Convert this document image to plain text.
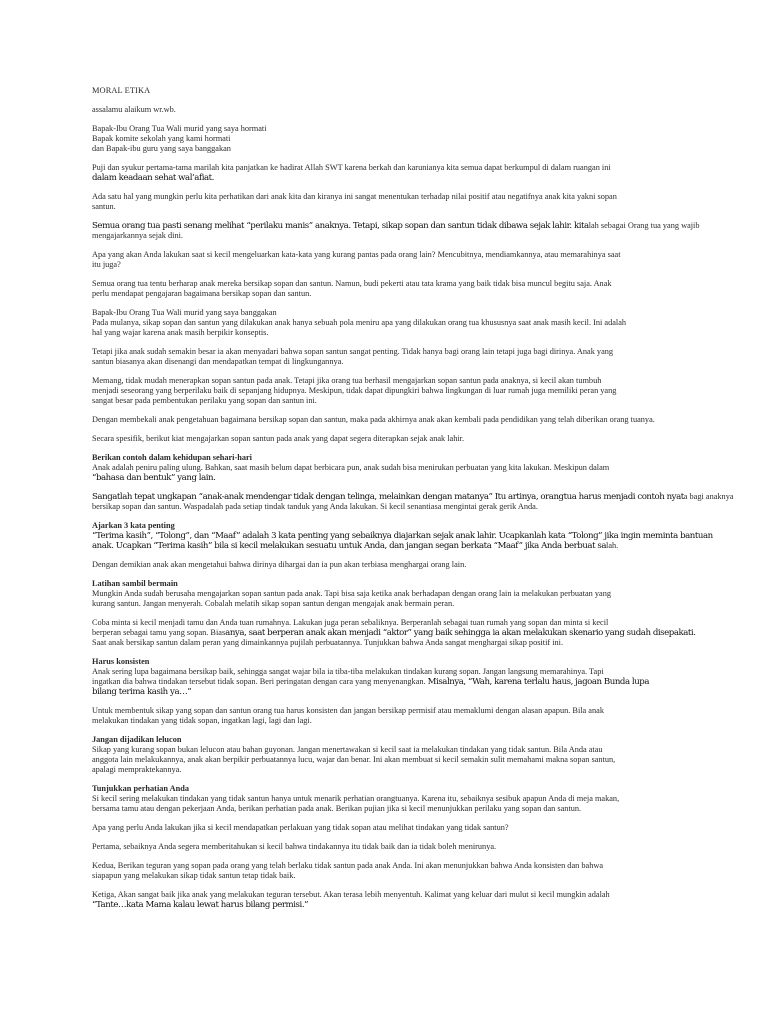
MORAL ETIKA
assalamu alaikum wr.wb.
Bapak-Ibu Orang Tua Wali murid yang saya hormati
Bapak komite sekolah yang kami hormati
dan Bapak-ibu guru yang saya banggakan
Puji dan syukur pertama-tama marilah kita panjatkan ke hadirat Allah SWT karena berkah dan karunianya kita semua dapat berkumpul di dalam ruangan ini
dalam keadaan sehat wal’afiat.
Ada satu hal yang mungkin perlu kita perhatikan dari anak kita dan kiranya ini sangat menentukan terhadap nilai positif atau negatifnya anak kita yakni sopan
santun.
Semua orang tua pasti senang melihat “perilaku manis” anaknya. Tetapi, sikap sopan dan santun tidak dibawa sejak lahir. kitalah sebagai Orang tua yang wajib
mengajarkannya sejak dini.
Apa yang akan Anda lakukan saat si kecil mengeluarkan kata-kata yang kurang pantas pada orang lain? Mencubitnya, mendiamkannya, atau memarahinya saat
itu juga?
Semua orang tua tentu berharap anak mereka bersikap sopan dan santun. Namun, budi pekerti atau tata krama yang baik tidak bisa muncul begitu saja. Anak
perlu mendapat pengajaran bagaimana bersikap sopan dan santun.
Bapak-Ibu Orang Tua Wali murid yang saya banggakan
Pada mulanya, sikap sopan dan santun yang dilakukan anak hanya sebuah pola meniru apa yang dilakukan orang tua khususnya saat anak masih kecil. Ini adalah
hal yang wajar karena anak masih berpikir konseptis.
Tetapi jika anak sudah semakin besar ia akan menyadari bahwa sopan santun sangat penting. Tidak hanya bagi orang lain tetapi juga bagi dirinya. Anak yang
santun biasanya akan disenangi dan mendapatkan tempat di lingkungannya.
Memang, tidak mudah menerapkan sopan santun pada anak. Tetapi jika orang tua berhasil mengajarkan sopan santun pada anaknya, si kecil akan tumbuh
menjadi seseorang yang berperilaku baik di sepanjang hidupnya. Meskipun, tidak dapat dipungkiri bahwa lingkungan di luar rumah juga memiliki peran yang
sangat besar pada pembentukan perilaku yang sopan dan santun ini.
Dengan membekali anak pengetahuan bagaimana bersikap sopan dan santun, maka pada akhirnya anak akan kembali pada pendidikan yang telah diberikan orang tuanya.
Secara spesifik, berikut kiat mengajarkan sopan santun pada anak yang dapat segera diterapkan sejak anak lahir.
Berikan contoh dalam kehidupan sehari-hari
Anak adalah peniru paling ulung. Bahkan, saat masih belum dapat berbicara pun, anak sudah bisa menirukan perbuatan yang kita lakukan. Meskipun dalam
“bahasa dan bentuk” yang lain.
Sangatlah tepat ungkapan “anak-anak mendengar tidak dengan telinga, melainkan dengan matanya” Itu artinya, orangtua harus menjadi contoh nyata bagi anaknya
bersikap sopan dan santun. Waspadalah pada setiap tindak tanduk yang Anda lakukan. Si kecil senantiasa mengintai gerak gerik Anda.
Ajarkan 3 kata penting
“Terima kasih”, “Tolong”, dan “Maaf” adalah 3 kata penting yang sebaiknya diajarkan sejak anak lahir. Ucapkanlah kata “Tolong” jika ingin meminta bantuan
anak. Ucapkan “Terima kasih” bila si kecil melakukan sesuatu untuk Anda, dan jangan segan berkata “Maaf” jika Anda berbuat salah.
Dengan demikian anak akan mengetahui bahwa dirinya dihargai dan ia pun akan terbiasa menghargai orang lain.
Latihan sambil bermain
Mungkin Anda sudah berusaha mengajarkan sopan santun pada anak. Tapi bisa saja ketika anak berhadapan dengan orang lain ia melakukan perbuatan yang
kurang santun. Jangan menyerah. Cobalah melatih sikap sopan santun dengan mengajak anak bermain peran.
Coba minta si kecil menjadi tamu dan Anda tuan rumahnya. Lakukan juga peran sebaliknya. Berperanlah sebagai tuan rumah yang sopan dan minta si kecil
berperan sebagai tamu yang sopan. Biasanya, saat berperan anak akan menjadi “aktor” yang baik sehingga ia akan melakukan skenario yang sudah disepakati.
Saat anak bersikap santun dalam peran yang dimainkannya pujilah perbuatannya. Tunjukkan bahwa Anda sangat menghargai sikap positif ini.
Harus konsisten
Anak sering lupa bagaimana bersikap baik, sehingga sangat wajar bila ia tiba-tiba melakukan tindakan kurang sopan. Jangan langsung memarahinya. Tapi
ingatkan dia bahwa tindakan tersebut tidak sopan. Beri peringatan dengan cara yang menyenangkan. Misalnya, “Wah, karena terlalu haus, jagoan Bunda lupa
bilang terima kasih ya…”
Untuk membentuk sikap yang sopan dan santun orang tua harus konsisten dan jangan bersikap permisif atau memaklumi dengan alasan apapun. Bila anak
melakukan tindakan yang tidak sopan, ingatkan lagi, lagi dan lagi.
Jangan dijadikan lelucon
Sikap yang kurang sopan bukan lelucon atau bahan guyonan. Jangan menertawakan si kecil saat ia melakukan tindakan yang tidak santun. Bila Anda atau
anggota lain melakukannya, anak akan berpikir perbuatannya lucu, wajar dan benar. Ini akan membuat si kecil semakin sulit memahami makna sopan santun,
apalagi mempraktekannya.
Tunjukkan perhatian Anda
Si kecil sering melakukan tindakan yang tidak santun hanya untuk menarik perhatian orangtuanya. Karena itu, sebaiknya sesibuk apapun Anda di meja makan,
bersama tamu atau dengan pekerjaan Anda, berikan perhatian pada anak. Berikan pujian jika si kecil menunjukkan perilaku yang sopan dan santun.
Apa yang perlu Anda lakukan jika si kecil mendapatkan perlakuan yang tidak sopan atau melihat tindakan yang tidak santun?
Pertama, sebaiknya Anda segera memberitahukan si kecil bahwa tindakannya itu tidak baik dan ia tidak boleh menirunya.
Kedua, Berikan teguran yang sopan pada orang yang telah berlaku tidak santun pada anak Anda. Ini akan menunjukkan bahwa Anda konsisten dan bahwa
siapapun yang melakukan sikap tidak santun tetap tidak baik.
Ketiga, Akan sangat baik jika anak yang melakukan teguran tersebut. Akan terasa lebih menyentuh. Kalimat yang keluar dari mulut si kecil mungkin adalah
“Tante…kata Mama kalau lewat harus bilang permisi.”
